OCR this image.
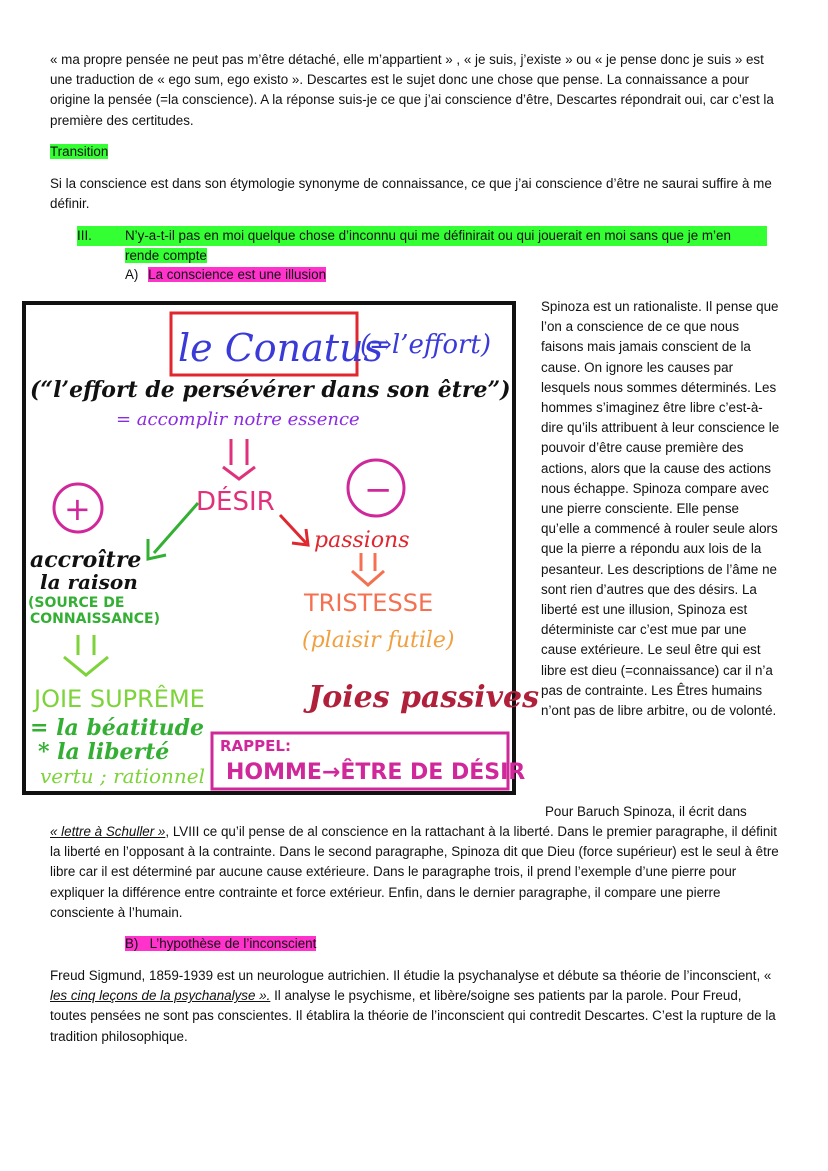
« ma propre pensée ne peut pas m’être détaché, elle m’appartient » , « je suis, j’existe » ou « je pense donc je suis » est une traduction de « ego sum, ego existo ». Descartes est le sujet donc une chose que pense. La connaissance a pour origine la pensée (=la conscience). A la réponse suis-je ce que j’ai conscience d’être, Descartes répondrait oui, car c’est la première des certitudes.

Transition

Si la conscience est dans son étymologie synonyme de connaissance, ce que j’ai conscience d’être ne saurai suffire à me définir.

III.	N’y-a-t-il pas en moi quelque chose d’inconnu qui me définirait ou qui jouerait en moi sans que je m’en
rende compte
A) La conscience est une illusion
le Conatus
(⇒l’effort)
(“l’effort de persévérer dans son être”)
= accomplir notre essence
DÉSIR
+	−
passions
accroître
la raison
(SOURCE DE
CONNAISSANCE)
TRISTESSE
(plaisir futile)
JOIE SUPRÊME
= la béatitude
* la liberté
vertu ; rationnel
Joies passives
RAPPEL:
HOMME→ÊTRE DE DÉSIR

Spinoza est un rationaliste. Il pense que l’on a conscience de ce que nous faisons mais jamais conscient de la cause. On ignore les causes par lesquels nous sommes déterminés. Les hommes s’imaginez être libre c’est-à-dire qu’ils attribuent à leur conscience le pouvoir d’être cause première des actions, alors que la cause des actions nous échappe. Spinoza compare avec une pierre consciente. Elle pense qu’elle a commencé à rouler seule alors que la pierre a répondu aux lois de la pesanteur. Les descriptions de l’âme ne sont rien d’autres que des désirs. La liberté est une illusion, Spinoza est déterministe car c’est mue par une cause extérieure. Le seul être qui est libre est dieu (=connaissance) car il n’a pas de contrainte. Les Êtres humains n’ont pas de libre arbitre, ou de volonté.

Pour Baruch Spinoza, il écrit dans

« lettre à Schuller », LVIII ce qu’il pense de al conscience en la rattachant à la liberté. Dans le premier paragraphe, il définit la liberté en l’opposant à la contrainte. Dans le second paragraphe, Spinoza dit que Dieu (force supérieur) est le seul à être libre car il est déterminé par aucune cause extérieure. Dans le paragraphe trois, il prend l’exemple d’une pierre pour expliquer la différence entre contrainte et force extérieur. Enfin, dans le dernier paragraphe, il compare une pierre consciente à l’humain.

B) L’hypothèse de l’inconscient

Freud Sigmund, 1859-1939 est un neurologue autrichien. Il étudie la psychanalyse et débute sa théorie de l’inconscient, « les cinq leçons de la psychanalyse ». Il analyse le psychisme, et libère/soigne ses patients par la parole. Pour Freud, toutes pensées ne sont pas conscientes. Il établira la théorie de l’inconscient qui contredit Descartes. C’est la rupture de la tradition philosophique.
